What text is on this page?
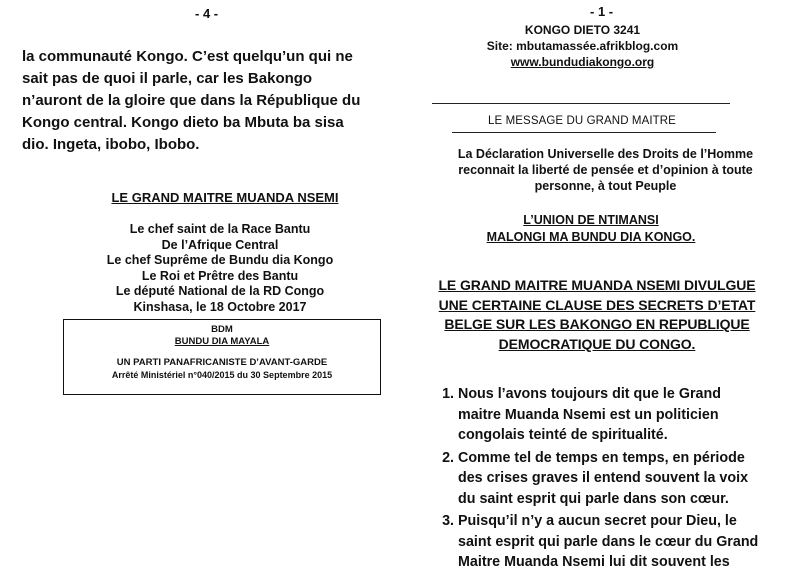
- 4 -

la communauté Kongo. C’est quelqu’un qui ne

sait pas de quoi il parle, car les Bakongo

n’auront de la gloire que dans la République du

Kongo central. Kongo dieto ba Mbuta ba sisa

dio. Ingeta, ibobo, Ibobo.

LE GRAND MAITRE MUANDA NSEMI
Le chef saint de la Race Bantu
De l’Afrique Central
Le chef Suprême de Bundu dia Kongo
Le Roi et Prêtre des Bantu
Le député National de la RD Congo
Kinshasa, le 18 Octobre 2017
BDM
BUNDU DIA MAYALA
UN PARTI PANAFRICANISTE D’AVANT-GARDE
Arrêté Ministériel n°040/2015 du 30 Septembre 2015
- 1 -
KONGO DIETO 3241
Site: mbutamassée.afrikblog.com
www.bundudiakongo.org
LE MESSAGE DU GRAND MAITRE
La Déclaration Universelle des Droits de l’Homme
reconnait la liberté de pensée et d’opinion à toute
personne, à tout Peuple
L’UNION DE NTIMANSI
MALONGI MA BUNDU DIA KONGO.
LE GRAND MAITRE MUANDA NSEMI DIVULGUE
UNE CERTAINE CLAUSE DES SECRETS D’ETAT
BELGE SUR LES BAKONGO EN REPUBLIQUE
DEMOCRATIQUE DU CONGO.
1. Nous l’avons toujours dit que le Grand
maitre Muanda Nsemi est un politicien
congolais teinté de spiritualité.
2. Comme tel de temps en temps, en période
des crises graves il entend souvent la voix
du saint esprit qui parle dans son cœur.
3. Puisqu’il n’y a aucun secret pour Dieu, le
saint esprit qui parle dans le cœur du Grand
Maitre Muanda Nsemi lui dit souvent les
